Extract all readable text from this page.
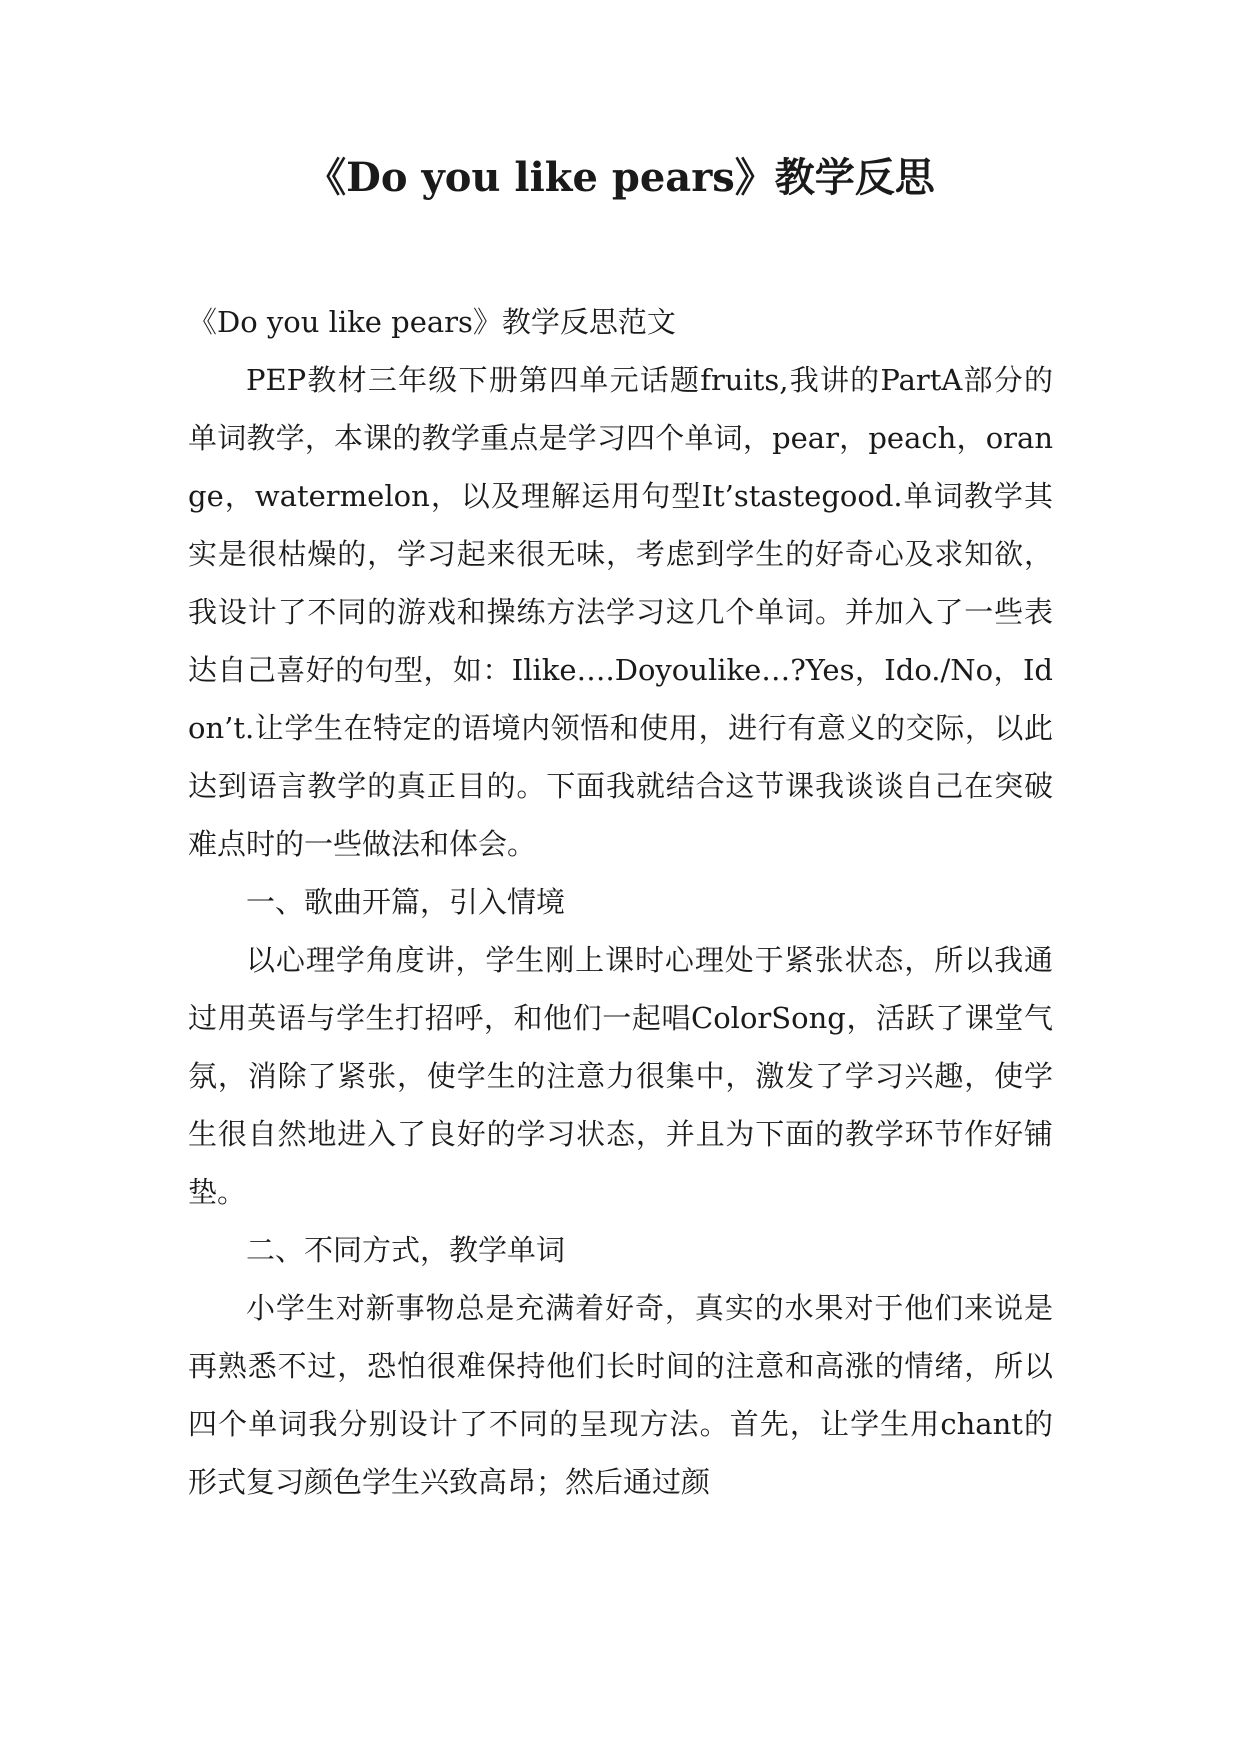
《Do you like pears》教学反思

《Do you like pears》教学反思范文

PEP教材三年级下册第四单元话题fruits,我讲的PartA部分的单词教学，本课的教学重点是学习四个单词，pear，peach，orange，watermelon，以及理解运用句型It’stastegood.单词教学其实是很枯燥的，学习起来很无味，考虑到学生的好奇心及求知欲，我设计了不同的游戏和操练方法学习这几个单词。并加入了一些表达自己喜好的句型，如：Ilike….Doyoulike…?Yes，Ido./No，Idon’t.让学生在特定的语境内领悟和使用，进行有意义的交际，以此达到语言教学的真正目的。下面我就结合这节课我谈谈自己在突破难点时的一些做法和体会。

一、歌曲开篇，引入情境

以心理学角度讲，学生刚上课时心理处于紧张状态，所以我通过用英语与学生打招呼，和他们一起唱ColorSong，活跃了课堂气氛，消除了紧张，使学生的注意力很集中，激发了学习兴趣，使学生很自然地进入了良好的学习状态，并且为下面的教学环节作好铺垫。

二、不同方式，教学单词

小学生对新事物总是充满着好奇，真实的水果对于他们来说是再熟悉不过，恐怕很难保持他们长时间的注意和高涨的情绪，所以四个单词我分别设计了不同的呈现方法。首先，让学生用chant的形式复习颜色学生兴致高昂；然后通过颜
